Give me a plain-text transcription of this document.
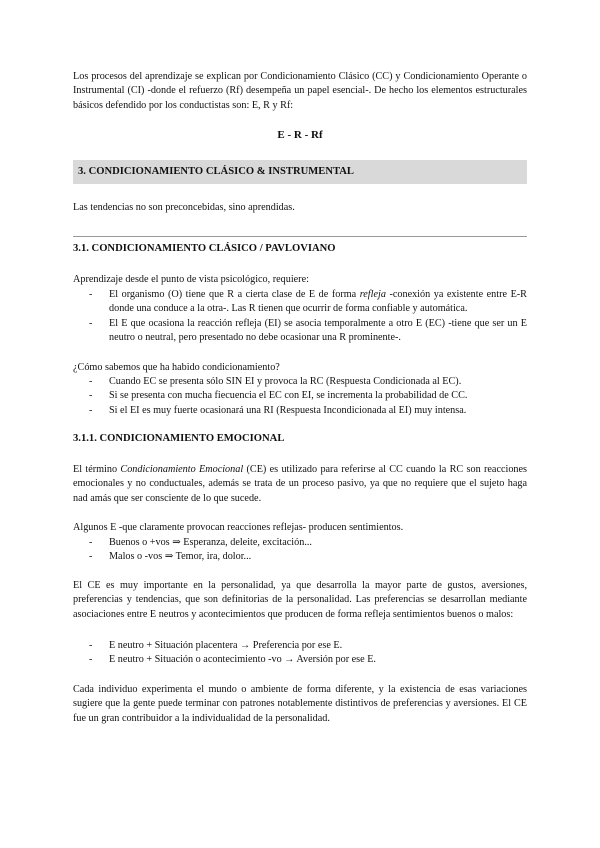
Los procesos del aprendizaje se explican por Condicionamiento Clásico (CC) y Condicionamiento Operante o Instrumental (CI) -donde el refuerzo (Rf) desempeña un papel esencial-. De hecho los elementos estructurales básicos defendido por los conductistas son: E, R y Rf:

E - R - Rf
3. CONDICIONAMIENTO CLÁSICO & INSTRUMENTAL

Las tendencias no son preconcebidas, sino aprendidas.

3.1. CONDICIONAMIENTO CLÁSICO / PAVLOVIANO

Aprendizaje desde el punto de vista psicológico, requiere:

- El organismo (O) tiene que R a cierta clase de E de forma refleja -conexión ya existente entre E-R donde una conduce a la otra-. Las R tienen que ocurrir de forma confiable y automática.
- El E que ocasiona la reacción refleja (EI) se asocia temporalmente a otro E (EC) -tiene que ser un E neutro o neutral, pero presentado no debe ocasionar una R prominente-.

¿Cómo sabemos que ha habido condicionamiento?

- Cuando EC se presenta sólo SIN EI y provoca la RC (Respuesta Condicionada al EC).
- Si se presenta con mucha fiecuencia el EC con EI, se incrementa la probabilidad de CC.
- Si el EI es muy fuerte ocasionará una RI (Respuesta Incondicionada al EI) muy intensa.
3.1.1. CONDICIONAMIENTO EMOCIONAL

El término Condicionamiento Emocional (CE) es utilizado para referirse al CC cuando la RC son reacciones emocionales y no conductuales, además se trata de un proceso pasivo, ya que no requiere que el sujeto haga nad amás que ser consciente de lo que sucede.

Algunos E -que claramente provocan reacciones reflejas- producen sentimientos.

- Buenos o +vos ⇒ Esperanza, deleite, excitación...
- Malos o -vos ⇒ Temor, ira, dolor...

El CE es muy importante en la personalidad, ya que desarrolla la mayor parte de gustos, aversiones, preferencias y tendencias, que son definitorias de la personalidad. Las preferencias se desarrollan mediante asociaciones entre E neutros y acontecimientos que producen de forma refleja sentimientos buenos o malos:

- E neutro + Situación placentera → Preferencia por ese E.
- E neutro + Situación o acontecimiento -vo → Aversión por ese E.

Cada individuo experimenta el mundo o ambiente de forma diferente, y la existencia de esas variaciones sugiere que la gente puede terminar con patrones notablemente distintivos de preferencias y aversiones. El CE fue un gran contribuidor a la individualidad de la personalidad.
